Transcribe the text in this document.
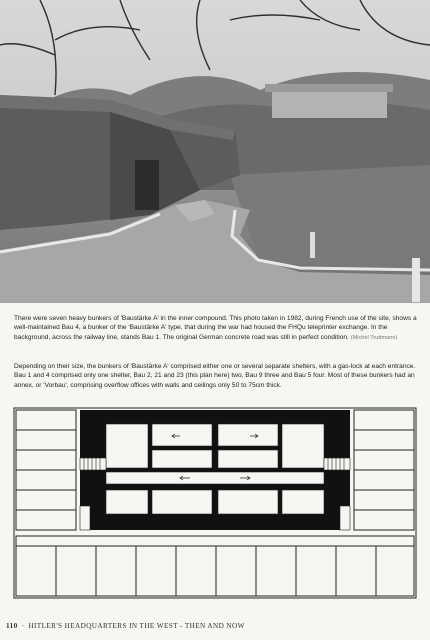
There were seven heavy bunkers of 'Baustärke A' in the inner compound. This photo taken in 1982, during French use of the site, shows a well-maintained Bau 4, a bunker of the 'Baustärke A' type, that during the war had housed the FHQu teleprinter exchange. In the background, across the railway line, stands Bau 1. The original German concrete road was still in perfect condition. (Michel Truttmann)
Depending on their size, the bunkers of 'Baustärke A' comprised either one or several separate shelters, with a gas-lock at each entrance. Bau 1 and 4 comprised only one shelter, Bau 2, 21 and 23 (this plan here) two, Bau 9 three and Bau 5 four. Most of these bunkers had an annex, or 'Vorbau', comprising overflow offices with walls and ceilings only 50 to 75cm thick.
110 · HITLER'S HEADQUARTERS IN THE WEST - THEN AND NOW
